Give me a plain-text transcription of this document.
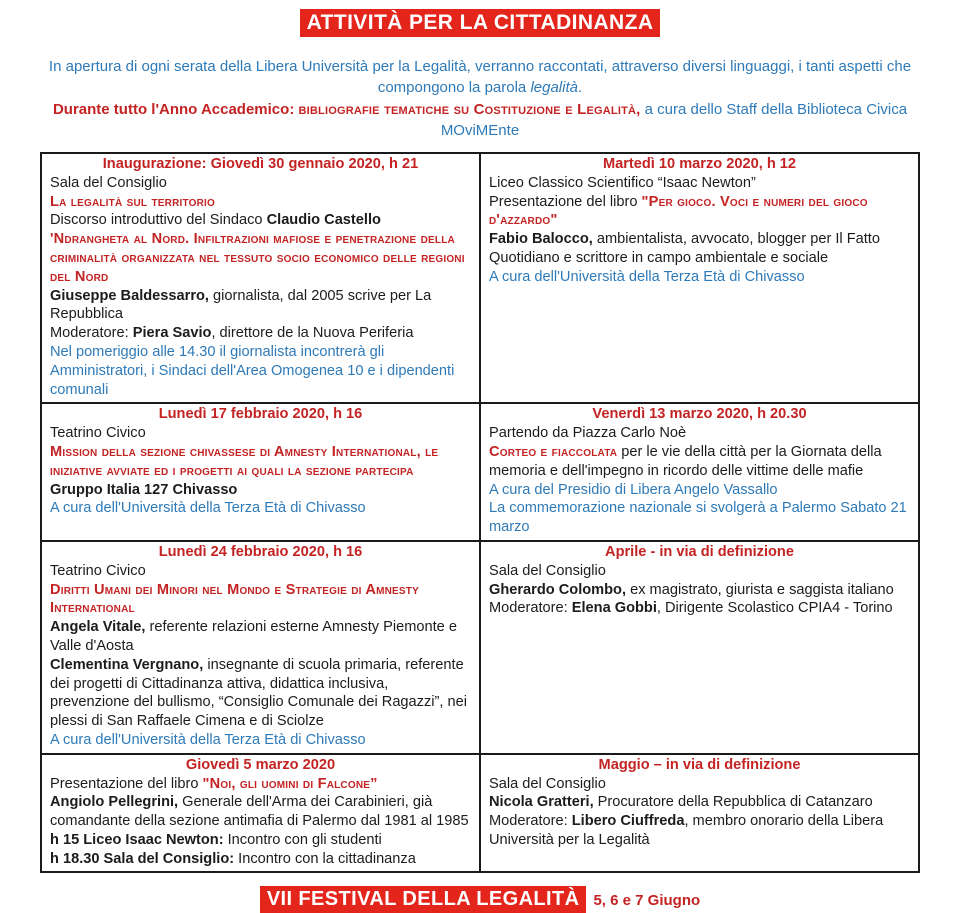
ATTIVITÀ PER LA CITTADINANZA

In apertura di ogni serata della Libera Università per la Legalità, verranno raccontati, attraverso diversi linguaggi, i tanti aspetti che compongono la parola legalità.

Durante tutto l'Anno Accademico: bibliografie tematiche su Costituzione e Legalità, a cura dello Staff della Biblioteca Civica MOviMEnte

Inaugurazione: Giovedì 30 gennaio 2020, h 21
Sala del Consiglio
La legalità sul territorio
Discorso introduttivo del Sindaco Claudio Castello
'Ndrangheta al Nord. Infiltrazioni mafiose e penetrazione della criminalità organizzata nel tessuto socio economico delle regioni del Nord
Giuseppe Baldessarro, giornalista, dal 2005 scrive per La Repubblica
Moderatore: Piera Savio, direttore de la Nuova Periferia
Nel pomeriggio alle 14.30 il giornalista incontrerà gli Amministratori, i Sindaci dell'Area Omogenea 10 e i dipendenti comunali

Martedì 10 marzo 2020, h 12
Liceo Classico Scientifico “Isaac Newton”
Presentazione del libro "Per gioco. Voci e numeri del gioco d'azzardo"
Fabio Balocco, ambientalista, avvocato, blogger per Il Fatto Quotidiano e scrittore in campo ambientale e sociale
A cura dell'Università della Terza Età di Chivasso

Lunedì 17 febbraio 2020, h 16
Teatrino Civico
Mission della sezione chivassese di Amnesty International, le iniziative avviate ed i progetti ai quali la sezione partecipa
Gruppo Italia 127 Chivasso
A cura dell'Università della Terza Età di Chivasso

Venerdì 13 marzo 2020, h 20.30
Partendo da Piazza Carlo Noè
Corteo e fiaccolata per le vie della città per la Giornata della memoria e dell'impegno in ricordo delle vittime delle mafie
A cura del Presidio di Libera Angelo Vassallo
La commemorazione nazionale si svolgerà a Palermo Sabato 21 marzo

Lunedì 24 febbraio 2020, h 16
Teatrino Civico
Diritti Umani dei Minori nel Mondo e Strategie di Amnesty International
Angela Vitale, referente relazioni esterne Amnesty Piemonte e Valle d'Aosta
Clementina Vergnano, insegnante di scuola primaria, referente dei progetti di Cittadinanza attiva, didattica inclusiva, prevenzione del bullismo, “Consiglio Comunale dei Ragazzi”, nei plessi di San Raffaele Cimena e di Sciolze
A cura dell'Università della Terza Età di Chivasso

Aprile - in via di definizione
Sala del Consiglio
Gherardo Colombo, ex magistrato, giurista e saggista italiano
Moderatore: Elena Gobbi, Dirigente Scolastico CPIA4 - Torino

Giovedì 5 marzo 2020
Presentazione del libro "Noi, gli uomini di Falcone”
Angiolo Pellegrini, Generale dell'Arma dei Carabinieri, già comandante della sezione antimafia di Palermo dal 1981 al 1985
h 15 Liceo Isaac Newton: Incontro con gli studenti
h 18.30 Sala del Consiglio: Incontro con la cittadinanza

Maggio – in via di definizione
Sala del Consiglio
Nicola Gratteri, Procuratore della Repubblica di Catanzaro
Moderatore: Libero Ciuffreda, membro onorario della Libera Università per la Legalità
VII FESTIVAL DELLA LEGALITÀ 5, 6 e 7 Giugno
